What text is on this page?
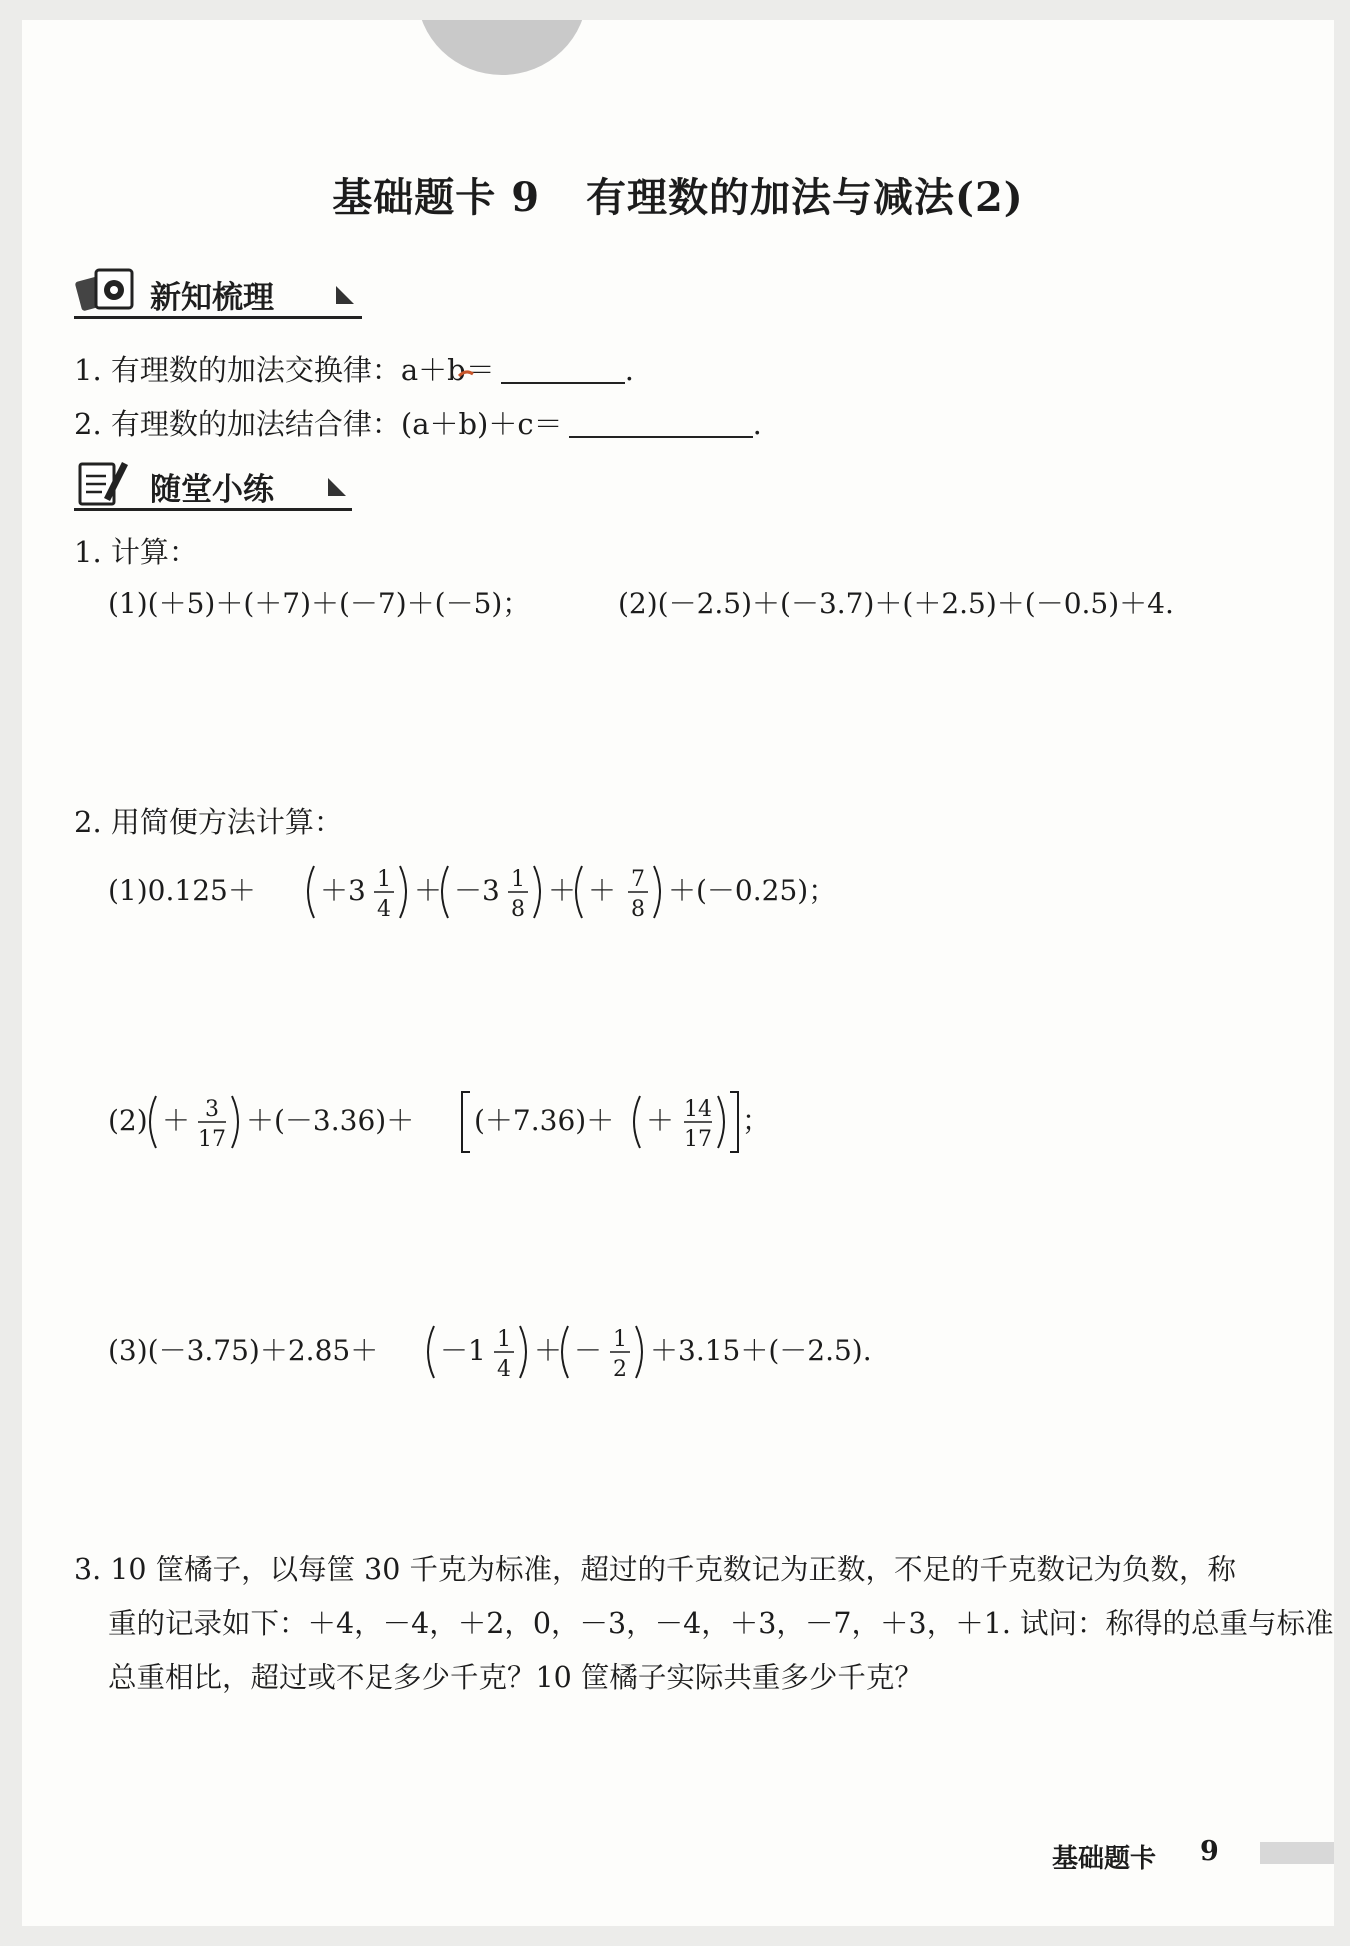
基础题卡 9 有理数的加法与减法(2)
新知梳理
1. 有理数的加法交换律：a＋b＝	.
2. 有理数的加法结合律：(a＋b)＋c＝	.
随堂小练
1. 计算：
(1)(＋5)＋(＋7)＋(－7)＋(－5)；	(2)(－2.5)＋(－3.7)＋(＋2.5)＋(－0.5)＋4.
2. 用简便方法计算：
(1)0.125＋ ＋3 1
4
＋ －3 1
8
＋ ＋ 7
8
＋(－0.25)；
(2) ＋ 3
17
＋(－3.36)＋ (＋7.36)＋ ＋ 14
17
；
(3)(－3.75)＋2.85＋ －1 1
4
＋ － 1
2
＋3.15＋(－2.5).
3. 10 筐橘子，以每筐 30 千克为标准，超过的千克数记为正数，不足的千克数记为负数，称
重的记录如下：＋4，－4，＋2，0，－3，－4，＋3，－7，＋3，＋1. 试问：称得的总重与标准
总重相比，超过或不足多少千克？10 筐橘子实际共重多少千克？
基础题卡 9
